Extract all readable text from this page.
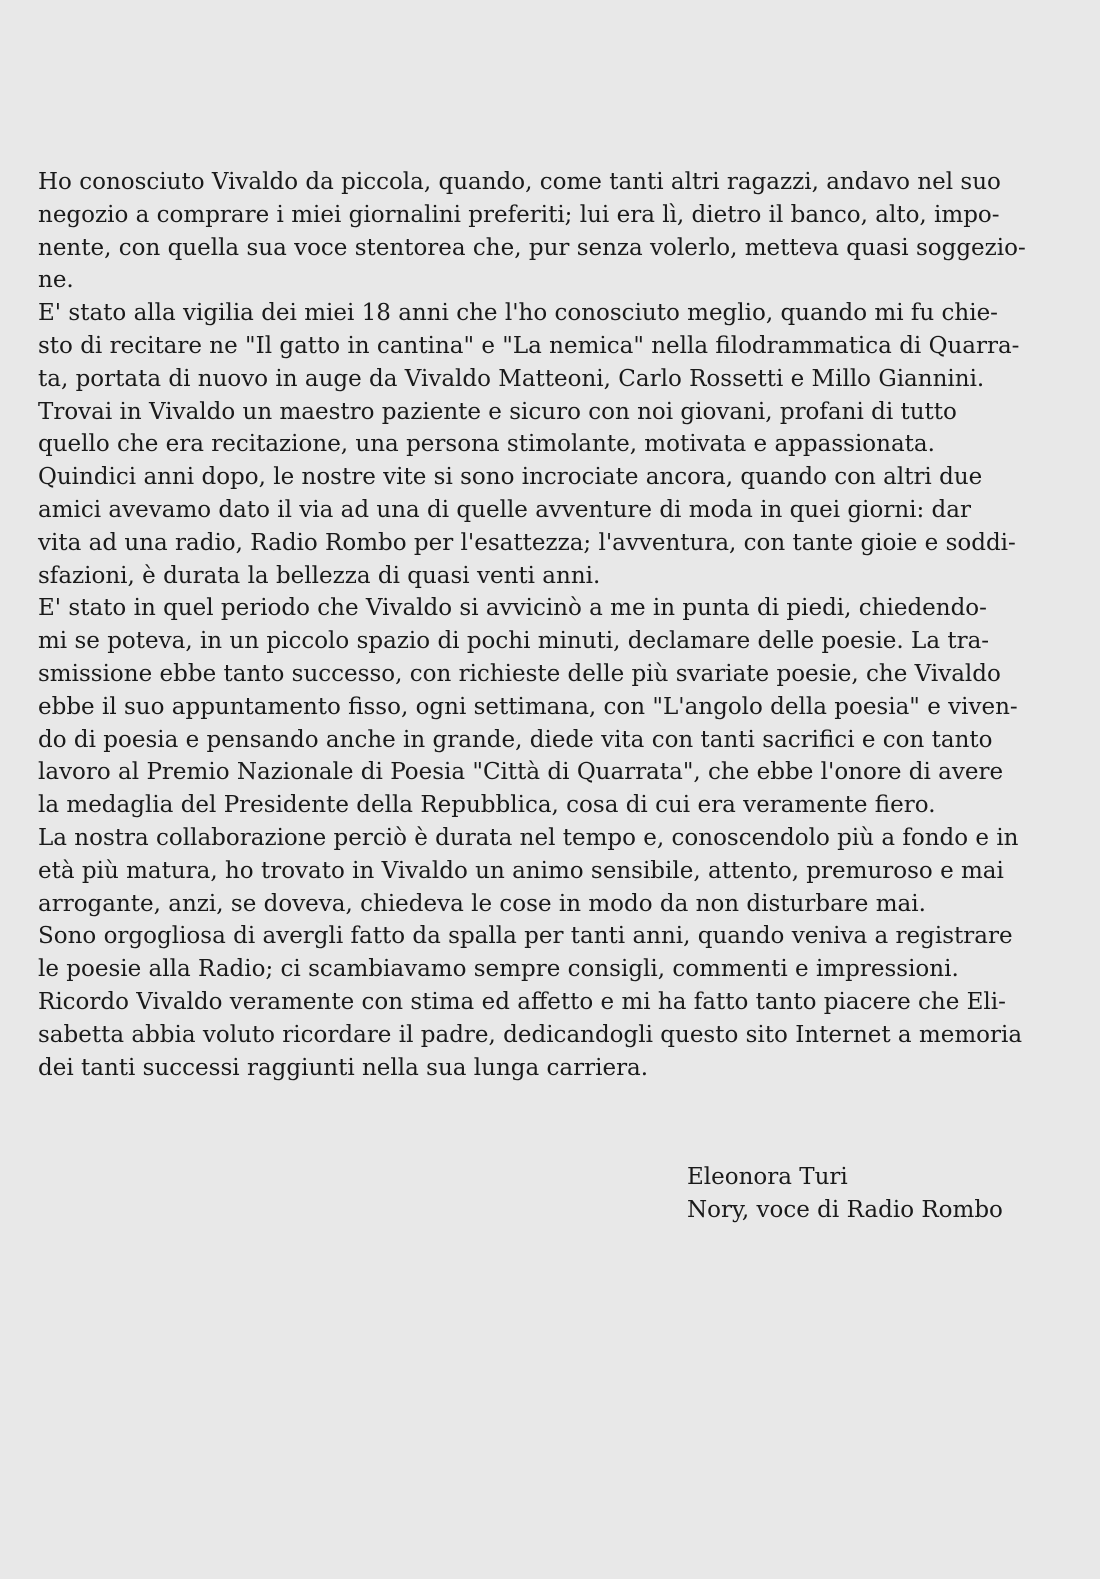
Ho conosciuto Vivaldo da piccola, quando, come tanti altri ragazzi, andavo nel suo
negozio a comprare i miei giornalini preferiti; lui era lì, dietro il banco, alto, impo-
nente, con quella sua voce stentorea che, pur senza volerlo, metteva quasi soggezio-
ne.
E' stato alla vigilia dei miei 18 anni che l'ho conosciuto meglio, quando mi fu chie-
sto di recitare ne "Il gatto in cantina" e "La nemica" nella filodrammatica di Quarra-
ta, portata di nuovo in auge da Vivaldo Matteoni, Carlo Rossetti e Millo Giannini.
Trovai in Vivaldo un maestro paziente e sicuro con noi giovani, profani di tutto
quello che era recitazione, una persona stimolante, motivata e appassionata.
Quindici anni dopo, le nostre vite si sono incrociate ancora, quando con altri due
amici avevamo dato il via ad una di quelle avventure di moda in quei giorni: dar
vita ad una radio, Radio Rombo per l'esattezza; l'avventura, con tante gioie e soddi-
sfazioni, è durata la bellezza di quasi venti anni.
E' stato in quel periodo che Vivaldo si avvicinò a me in punta di piedi, chiedendo-
mi se poteva, in un piccolo spazio di pochi minuti, declamare delle poesie. La tra-
smissione ebbe tanto successo, con richieste delle più svariate poesie, che Vivaldo
ebbe il suo appuntamento fisso, ogni settimana, con "L'angolo della poesia" e viven-
do di poesia e pensando anche in grande, diede vita con tanti sacrifici e con tanto
lavoro al Premio Nazionale di Poesia "Città di Quarrata", che ebbe l'onore di avere
la medaglia del Presidente della Repubblica, cosa di cui era veramente fiero.
La nostra collaborazione perciò è durata nel tempo e, conoscendolo più a fondo e in
età più matura, ho trovato in Vivaldo un animo sensibile, attento, premuroso e mai
arrogante, anzi, se doveva, chiedeva le cose in modo da non disturbare mai.
Sono orgogliosa di avergli fatto da spalla per tanti anni, quando veniva a registrare
le poesie alla Radio; ci scambiavamo sempre consigli, commenti e impressioni.
Ricordo Vivaldo veramente con stima ed affetto e mi ha fatto tanto piacere che Eli-
sabetta abbia voluto ricordare il padre, dedicandogli questo sito Internet a memoria
dei tanti successi raggiunti nella sua lunga carriera.
Eleonora Turi
Nory, voce di Radio Rombo
